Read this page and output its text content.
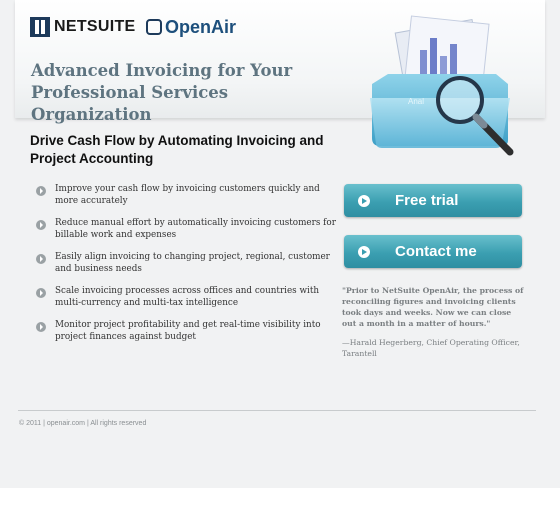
NETSUITE OpenAir
Advanced Invoicing for Your Professional Services Organization
Anal
Drive Cash Flow by Automating Invoicing and Project Accounting
Improve your cash flow by invoicing customers quickly and more accurately
Reduce manual effort by automatically invoicing customers for billable work and expenses
Easily align invoicing to changing project, regional, customer and business needs
Scale invoicing processes across offices and countries with multi-currency and multi-tax intelligence
Monitor project profitability and get real-time visibility into project finances against budget
Free trial
Contact me

"Prior to NetSuite OpenAir, the process of reconciling figures and invoicing clients took days and weeks. Now we can close out a month in a matter of hours."

—Harald Hegerberg, Chief Operating Officer, Tarantell

© 2011 | openair.com | All rights reserved
